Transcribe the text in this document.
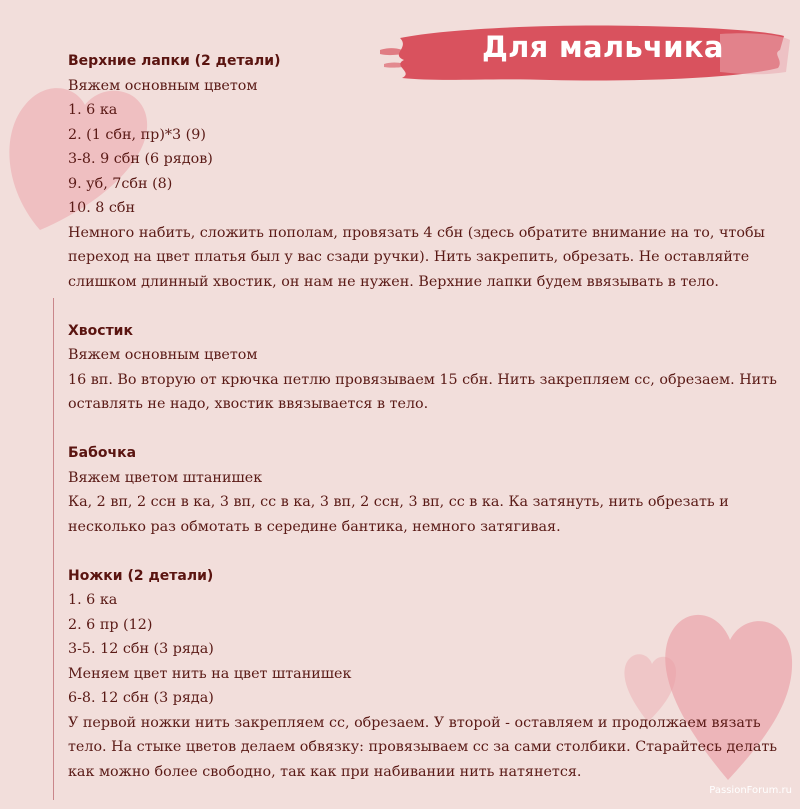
Для мальчика
Верхние лапки (2 детали)
Вяжем основным цветом
1. 6 ка
2. (1 сбн, пр)*3 (9)
3-8. 9 сбн (6 рядов)
9. уб, 7сбн (8)
10. 8 сбн
Немного набить, сложить пополам, провязать 4 сбн (здесь обратите внимание на то, чтобы переход на цвет платья был у вас сзади ручки). Нить закрепить, обрезать. Не оставляйте слишком длинный хвостик, он нам не нужен. Верхние лапки будем ввязывать в тело.
Хвостик
Вяжем основным цветом
16 вп. Во вторую от крючка петлю провязываем 15 сбн. Нить закрепляем сс, обрезаем. Нить оставлять не надо, хвостик ввязывается в тело.
Бабочка
Вяжем цветом штанишек
Ка, 2 вп, 2 ссн в ка, 3 вп, сс в ка, 3 вп, 2 ссн, 3 вп, сс в ка. Ка затянуть, нить обрезать и несколько раз обмотать в середине бантика, немного затягивая.
Ножки (2 детали)
1. 6 ка
2. 6 пр (12)
3-5. 12 сбн (3 ряда)
Меняем цвет нить на цвет штанишек
6-8. 12 сбн (3 ряда)
У первой ножки нить закрепляем сс, обрезаем. У второй - оставляем и продолжаем вязать тело. На стыке цветов делаем обвязку: провязываем сс за сами столбики. Старайтесь делать как можно более свободно, так как при набивании нить натянется.
PassionForum.ru
